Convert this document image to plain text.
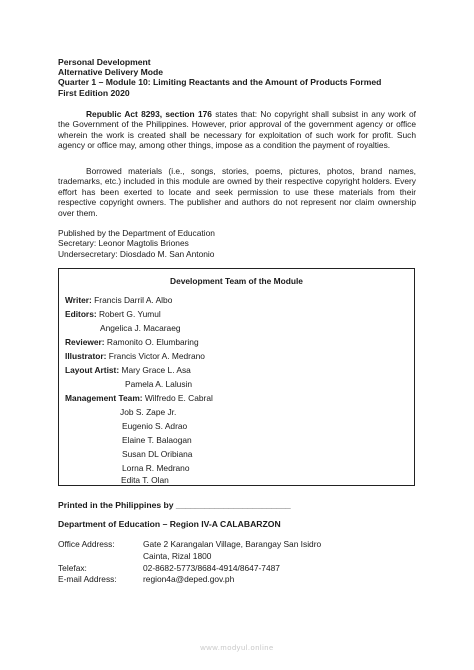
Personal Development
Alternative Delivery Mode
Quarter 1 – Module 10: Limiting Reactants and the Amount of Products Formed
First Edition 2020
Republic Act 8293, section 176 states that: No copyright shall subsist in any work of the Government of the Philippines. However, prior approval of the government agency or office wherein the work is created shall be necessary for exploitation of such work for profit. Such agency or office may, among other things, impose as a condition the payment of royalties.
Borrowed materials (i.e., songs, stories, poems, pictures, photos, brand names, trademarks, etc.) included in this module are owned by their respective copyright holders. Every effort has been exerted to locate and seek permission to use these materials from their respective copyright owners. The publisher and authors do not represent nor claim ownership over them.
Published by the Department of Education
Secretary: Leonor Magtolis Briones
Undersecretary: Diosdado M. San Antonio
Development Team of the Module
Writer: Francis Darril A. Albo
Editors: Robert G. Yumul
Angelica J. Macaraeg
Reviewer: Ramonito O. Elumbaring
Illustrator: Francis Victor A. Medrano
Layout Artist: Mary Grace L. Asa
Pamela A. Lalusin
Management Team: Wilfredo E. Cabral
Job S. Zape Jr.
Eugenio S. Adrao
Elaine T. Balaogan
Susan DL Oribiana
Lorna R. Medrano
Edita T. Olan
Printed in the Philippines by ________________________
Department of Education – Region IV-A CALABARZON
Office Address:	Gate 2 Karangalan Village, Barangay San Isidro
Cainta, Rizal 1800
Telefax:	02-8682-5773/8684-4914/8647-7487
E-mail Address:	region4a@deped.gov.ph
www.modyul.online
